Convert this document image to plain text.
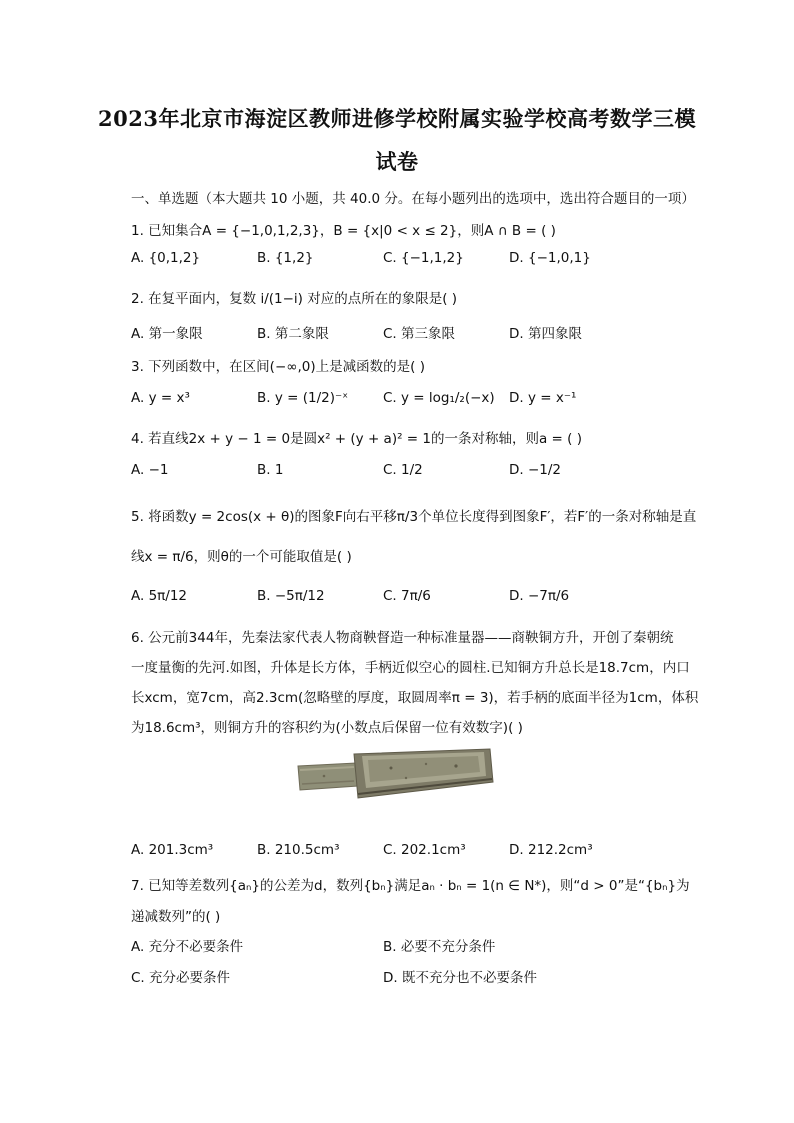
2023年北京市海淀区教师进修学校附属实验学校高考数学三模
试卷
一、单选题（本大题共 10 小题，共 40.0 分。在每小题列出的选项中，选出符合题目的一项）
1. 已知集合A = {−1,0,1,2,3}，B = {x|0 < x ≤ 2}，则A ∩ B = ( )
A. {0,1,2}	B. {1,2}	C. {−1,1,2}	D. {−1,0,1}
2. 在复平面内，复数 i/(1−i) 对应的点所在的象限是( )
A. 第一象限	B. 第二象限	C. 第三象限	D. 第四象限
3. 下列函数中，在区间(−∞,0)上是减函数的是( )
A. y = x³	B. y = (1/2)⁻ˣ	C. y = log₁/₂(−x) D. y = x⁻¹
4. 若直线2x + y − 1 = 0是圆x² + (y + a)² = 1的一条对称轴，则a = ( )
A. −1	B. 1	C. 1/2	D. −1/2
5. 将函数y = 2cos(x + θ)的图象F向右平移π/3个单位长度得到图象F′，若F′的一条对称轴是直
线x = π/6，则θ的一个可能取值是( )
A. 5π/12	B. −5π/12	C. 7π/6	D. −7π/6
6. 公元前344年，先秦法家代表人物商鞅督造一种标准量器——商鞅铜方升，开创了秦朝统
一度量衡的先河.如图，升体是长方体，手柄近似空心的圆柱.已知铜方升总长是18.7cm，内口
长xcm，宽7cm，高2.3cm(忽略壁的厚度，取圆周率π = 3)，若手柄的底面半径为1cm，体积
为18.6cm³，则铜方升的容积约为(小数点后保留一位有效数字)( )
A. 201.3cm³	B. 210.5cm³	C. 202.1cm³	D. 212.2cm³
7. 已知等差数列{aₙ}的公差为d，数列{bₙ}满足aₙ · bₙ = 1(n ∈ N*)，则“d > 0”是“{bₙ}为
递减数列”的( )
A. 充分不必要条件	B. 必要不充分条件
C. 充分必要条件	D. 既不充分也不必要条件
